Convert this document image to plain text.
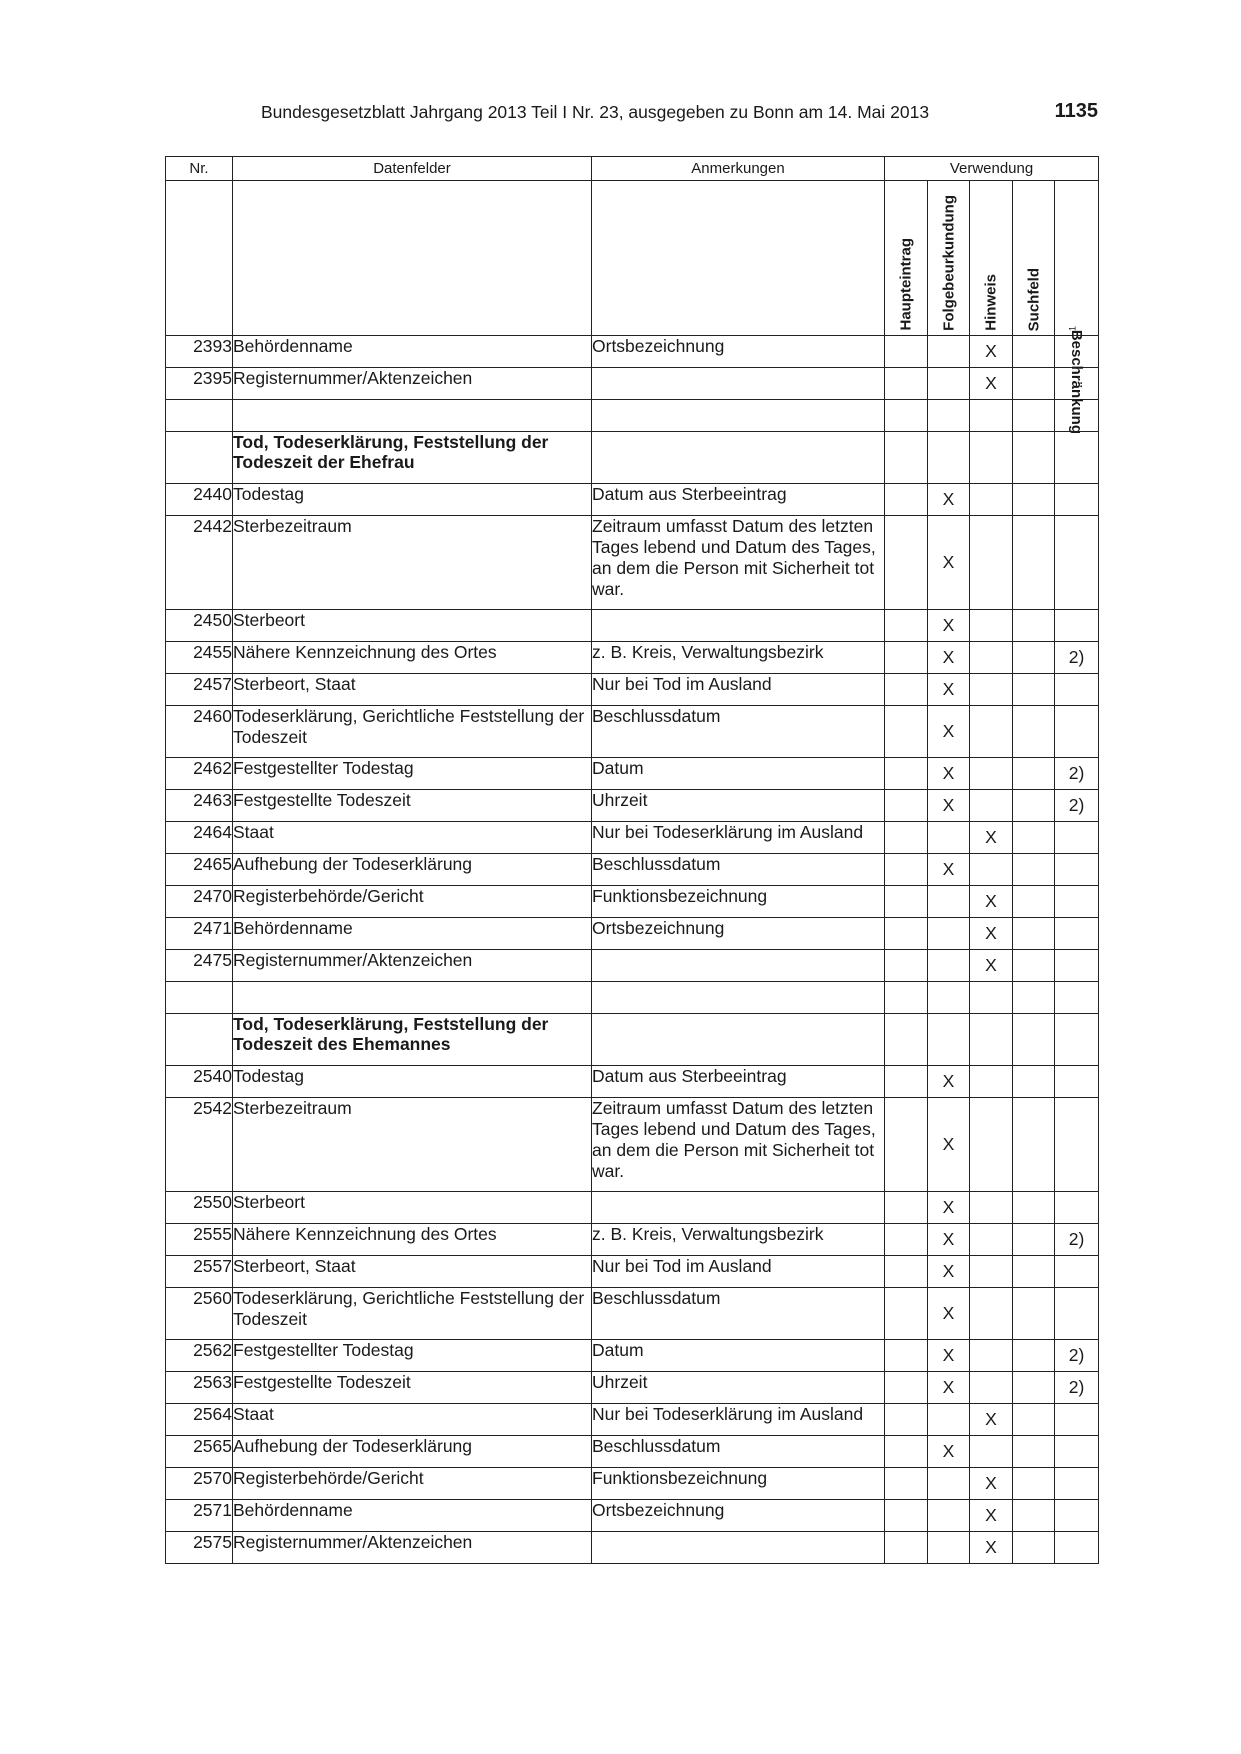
Bundesgesetzblatt Jahrgang 2013 Teil I Nr. 23, ausgegeben zu Bonn am 14. Mai 2013	1135
Nr.	Datenfelder	Anmerkungen	Verwendung				

			Haupteintrag	Folgebeurkundung	Hinweis	Suchfeld	Beschränkung
$^1$

2393	Behördenname	Ortsbezeichnung			X		
2395	Registernummer/Aktenzeichen				X		

	Tod, Todeserklärung, Feststellung der Todeszeit der Ehefrau						
2440	Todestag	Datum aus Sterbeeintrag		X			
2442	Sterbezeitraum	Zeitraum umfasst Datum des letzten Tages lebend und Datum des Tages, an dem die Person mit Sicherheit tot war.		X			
2450	Sterbeort			X			
2455	Nähere Kennzeichnung des Ortes	z. B. Kreis, Verwaltungsbezirk		X			2)
2457	Sterbeort, Staat	Nur bei Tod im Ausland		X			
2460	Todeserklärung, Gerichtliche Feststellung der Todeszeit	Beschlussdatum		X			
2462	Festgestellter Todestag	Datum		X			2)
2463	Festgestellte Todeszeit	Uhrzeit		X			2)
2464	Staat	Nur bei Todeserklärung im Ausland			X		
2465	Aufhebung der Todeserklärung	Beschlussdatum		X			
2470	Registerbehörde/Gericht	Funktionsbezeichnung			X		
2471	Behördenname	Ortsbezeichnung			X		
2475	Registernummer/Aktenzeichen				X		

	Tod, Todeserklärung, Feststellung der Todeszeit des Ehemannes						
2540	Todestag	Datum aus Sterbeeintrag		X			
2542	Sterbezeitraum	Zeitraum umfasst Datum des letzten Tages lebend und Datum des Tages, an dem die Person mit Sicherheit tot war.		X			
2550	Sterbeort			X			
2555	Nähere Kennzeichnung des Ortes	z. B. Kreis, Verwaltungsbezirk		X			2)
2557	Sterbeort, Staat	Nur bei Tod im Ausland		X			
2560	Todeserklärung, Gerichtliche Feststellung der Todeszeit	Beschlussdatum		X			
2562	Festgestellter Todestag	Datum		X			2)
2563	Festgestellte Todeszeit	Uhrzeit		X			2)
2564	Staat	Nur bei Todeserklärung im Ausland			X		
2565	Aufhebung der Todeserklärung	Beschlussdatum		X			
2570	Registerbehörde/Gericht	Funktionsbezeichnung			X		
2571	Behördenname	Ortsbezeichnung			X		
2575	Registernummer/Aktenzeichen				X		
